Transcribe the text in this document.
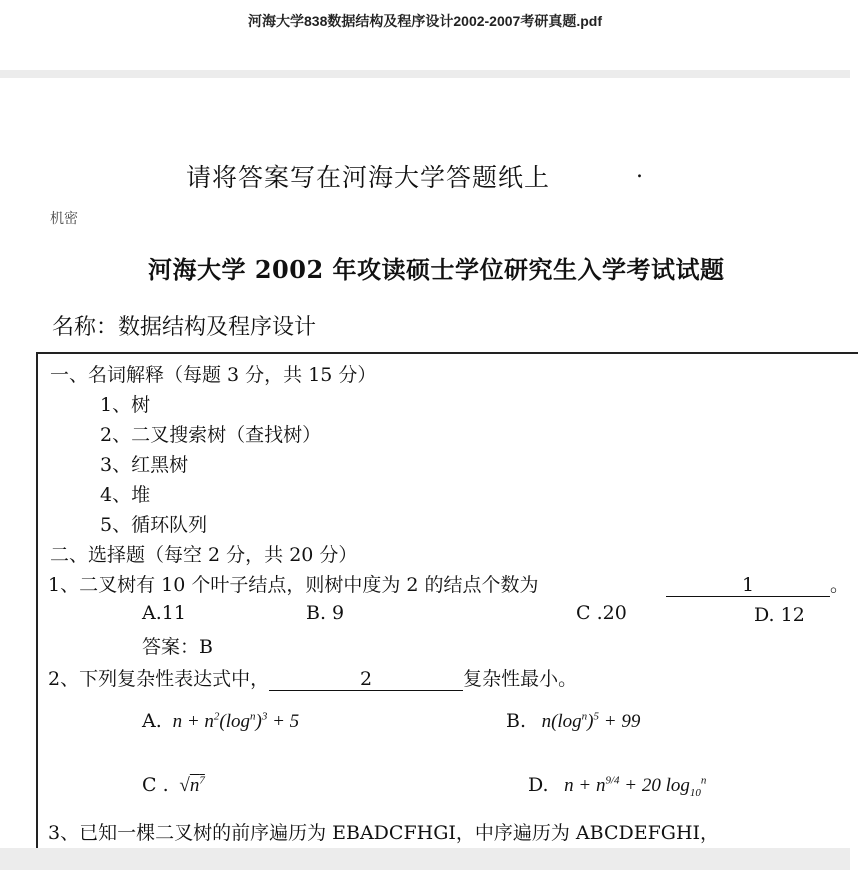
河海大学838数据结构及程序设计2002-2007考研真题.pdf
请将答案写在河海大学答题纸上	.
机密
河海大学 2002 年攻读硕士学位研究生入学考试试题
名称：数据结构及程序设计
一、名词解释（每题 3 分，共 15 分）
1、树
2、二叉搜索树（查找树）
3、红黑树
4、堆
5、循环队列
二、选择题（每空 2 分，共 20 分）
1、二叉树有 10 个叶子结点，则树中度为 2 的结点个数为	1	。
A.11	B. 9	C .20	D. 12
答案：B
2、下列复杂性表达式中，	2	复杂性最小。
A.  $n + n^2(\log^n)^3 + 5$	B.   $n(\log^n)^5 + 99$
C .  $√n^7$	D.   $n + n^{9/4} + 20$ $\log_{10}^n$
3、已知一棵二叉树的前序遍历为 EBADCFHGI，中序遍历为 ABCDEFGHI，
